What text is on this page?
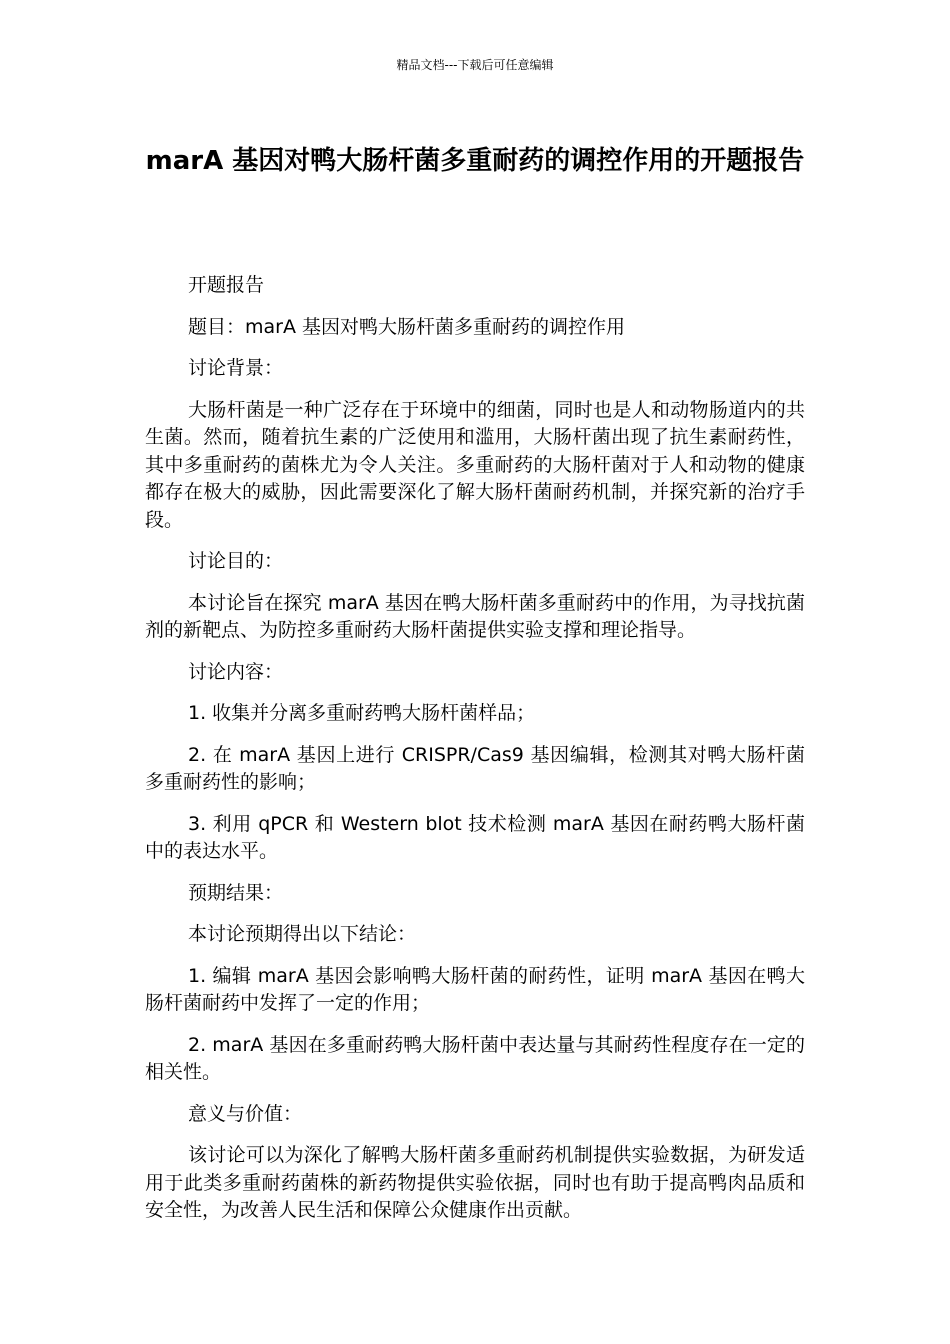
精品文档---下载后可任意编辑
marA 基因对鸭大肠杆菌多重耐药的调控作用的开题报告

开题报告

题目：marA 基因对鸭大肠杆菌多重耐药的调控作用

讨论背景：

大肠杆菌是一种广泛存在于环境中的细菌，同时也是人和动物肠道内的共生菌。然而，随着抗生素的广泛使用和滥用，大肠杆菌出现了抗生素耐药性，其中多重耐药的菌株尤为令人关注。多重耐药的大肠杆菌对于人和动物的健康都存在极大的威胁，因此需要深化了解大肠杆菌耐药机制，并探究新的治疗手段。

讨论目的：

本讨论旨在探究 marA 基因在鸭大肠杆菌多重耐药中的作用，为寻找抗菌剂的新靶点、为防控多重耐药大肠杆菌提供实验支撑和理论指导。

讨论内容：

1. 收集并分离多重耐药鸭大肠杆菌样品；

2. 在 marA 基因上进行 CRISPR/Cas9 基因编辑，检测其对鸭大肠杆菌多重耐药性的影响；

3. 利用 qPCR 和 Western blot 技术检测 marA 基因在耐药鸭大肠杆菌中的表达水平。

预期结果：

本讨论预期得出以下结论：

1. 编辑 marA 基因会影响鸭大肠杆菌的耐药性，证明 marA 基因在鸭大肠杆菌耐药中发挥了一定的作用；

2. marA 基因在多重耐药鸭大肠杆菌中表达量与其耐药性程度存在一定的相关性。

意义与价值：

该讨论可以为深化了解鸭大肠杆菌多重耐药机制提供实验数据，为研发适用于此类多重耐药菌株的新药物提供实验依据，同时也有助于提高鸭肉品质和安全性，为改善人民生活和保障公众健康作出贡献。
